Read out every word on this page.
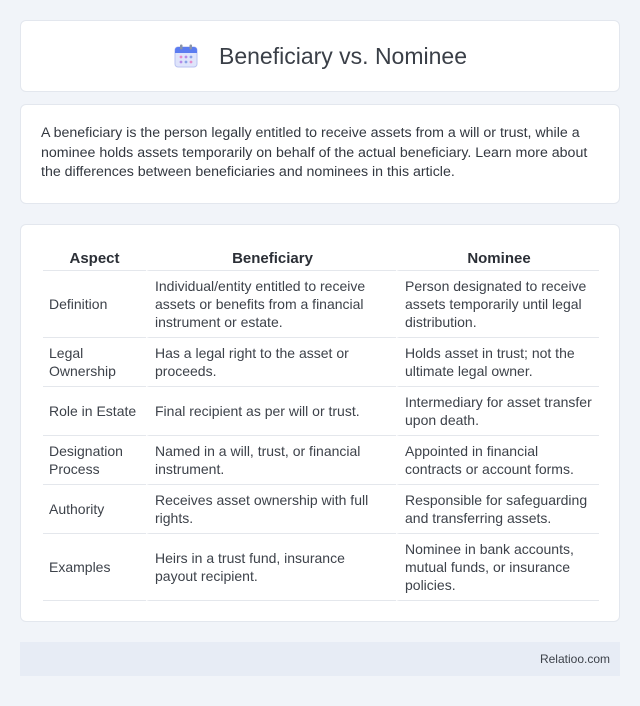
Beneficiary vs. Nominee

A beneficiary is the person legally entitled to receive assets from a will or trust, while a nominee holds assets temporarily on behalf of the actual beneficiary. Learn more about the differences between beneficiaries and nominees in this article.

Aspect	Beneficiary	Nominee
Definition	Individual/entity entitled to receive assets or benefits from a financial instrument or estate.	Person designated to receive assets temporarily until legal distribution.
Legal Ownership	Has a legal right to the asset or proceeds.	Holds asset in trust; not the ultimate legal owner.
Role in Estate	Final recipient as per will or trust.	Intermediary for asset transfer upon death.
Designation Process	Named in a will, trust, or financial instrument.	Appointed in financial contracts or account forms.
Authority	Receives asset ownership with full rights.	Responsible for safeguarding and transferring assets.
Examples	Heirs in a trust fund, insurance payout recipient.	Nominee in bank accounts, mutual funds, or insurance policies.
Relatioo.com
